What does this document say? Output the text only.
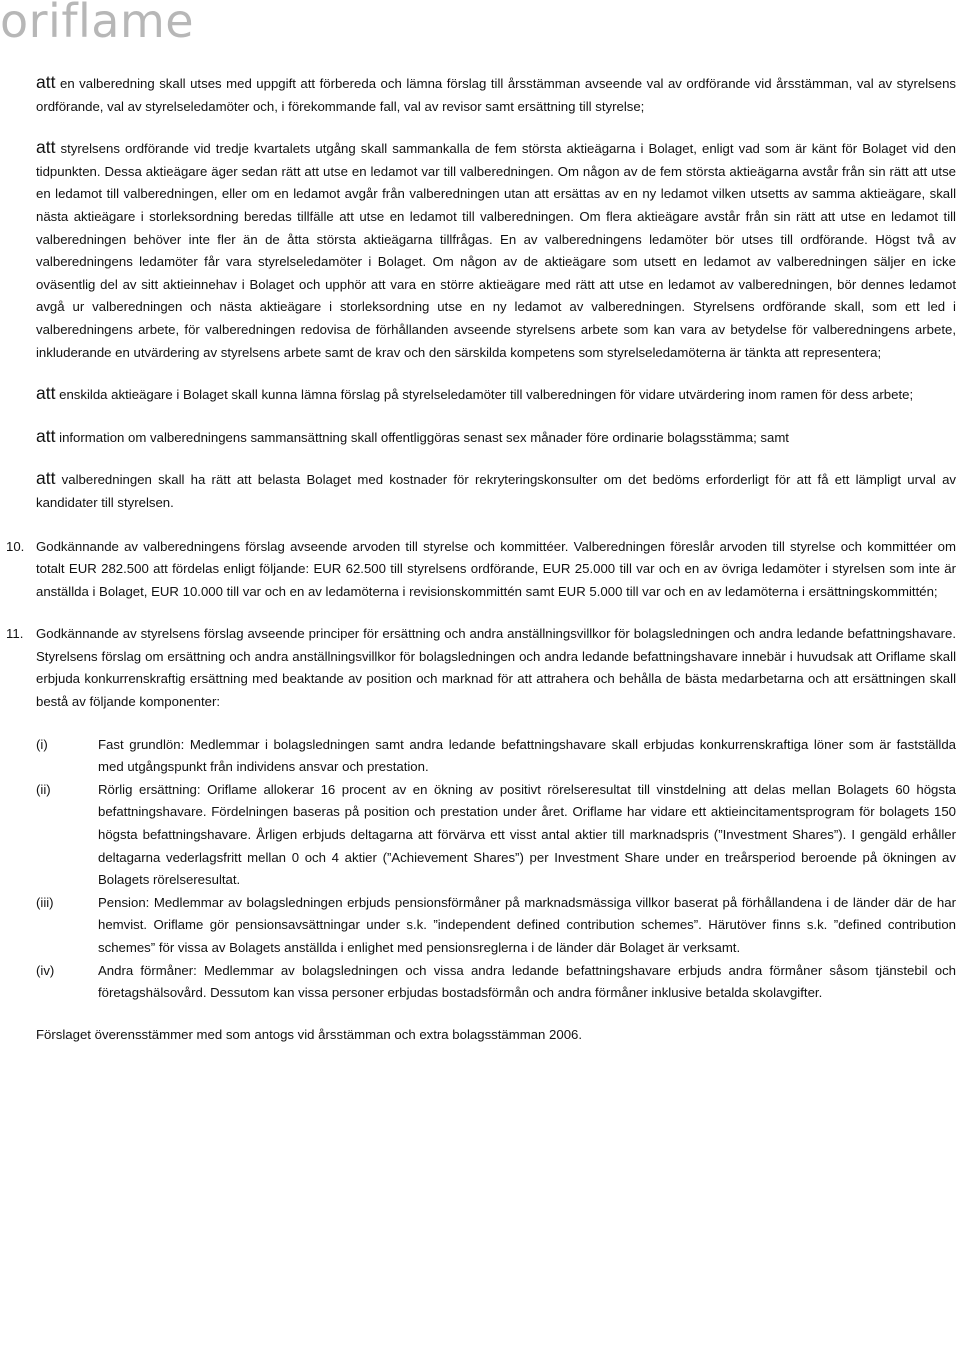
oriflame

att en valberedning skall utses med uppgift att förbereda och lämna förslag till årsstämman avseende val av ordförande vid årsstämman, val av styrelsens ordförande, val av styrelseledamöter och, i förekommande fall, val av revisor samt ersättning till styrelse;

att styrelsens ordförande vid tredje kvartalets utgång skall sammankalla de fem största aktieägarna i Bolaget, enligt vad som är känt för Bolaget vid den tidpunkten. Dessa aktieägare äger sedan rätt att utse en ledamot var till valberedningen. Om någon av de fem största aktieägarna avstår från sin rätt att utse en ledamot till valberedningen, eller om en ledamot avgår från valberedningen utan att ersättas av en ny ledamot vilken utsetts av samma aktieägare, skall nästa aktieägare i storleksordning beredas tillfälle att utse en ledamot till valberedningen. Om flera aktieägare avstår från sin rätt att utse en ledamot till valberedningen behöver inte fler än de åtta största aktieägarna tillfrågas. En av valberedningens ledamöter bör utses till ordförande. Högst två av valberedningens ledamöter får vara styrelseledamöter i Bolaget. Om någon av de aktieägare som utsett en ledamot av valberedningen säljer en icke oväsentlig del av sitt aktieinnehav i Bolaget och upphör att vara en större aktieägare med rätt att utse en ledamot av valberedningen, bör dennes ledamot avgå ur valberedningen och nästa aktieägare i storleksordning utse en ny ledamot av valberedningen. Styrelsens ordförande skall, som ett led i valberedningens arbete, för valberedningen redovisa de förhållanden avseende styrelsens arbete som kan vara av betydelse för valberedningens arbete, inkluderande en utvärdering av styrelsens arbete samt de krav och den särskilda kompetens som styrelseledamöterna är tänkta att representera;

att enskilda aktieägare i Bolaget skall kunna lämna förslag på styrelseledamöter till valberedningen för vidare utvärdering inom ramen för dess arbete;

att information om valberedningens sammansättning skall offentliggöras senast sex månader före ordinarie bolagsstämma; samt

att valberedningen skall ha rätt att belasta Bolaget med kostnader för rekryteringskonsulter om det bedöms erforderligt för att få ett lämpligt urval av kandidater till styrelsen.

10. Godkännande av valberedningens förslag avseende arvoden till styrelse och kommittéer. Valberedningen föreslår arvoden till styrelse och kommittéer om totalt EUR 282.500 att fördelas enligt följande: EUR 62.500 till styrelsens ordförande, EUR 25.000 till var och en av övriga ledamöter i styrelsen som inte är anställda i Bolaget, EUR 10.000 till var och en av ledamöterna i revisionskommittén samt EUR 5.000 till var och en av ledamöterna i ersättningskommittén;
11. Godkännande av styrelsens förslag avseende principer för ersättning och andra anställningsvillkor för bolagsledningen och andra ledande befattningshavare. Styrelsens förslag om ersättning och andra anställningsvillkor för bolagsledningen och andra ledande befattningshavare innebär i huvudsak att Oriflame skall erbjuda konkurrenskraftig ersättning med beaktande av position och marknad för att attrahera och behålla de bästa medarbetarna och att ersättningen skall bestå av följande komponenter:
(i)	Fast grundlön: Medlemmar i bolagsledningen samt andra ledande befattningshavare skall erbjudas konkurrenskraftiga löner som är fastställda med utgångspunkt från individens ansvar och prestation.
(ii)	Rörlig ersättning: Oriflame allokerar 16 procent av en ökning av positivt rörelseresultat till vinstdelning att delas mellan Bolagets 60 högsta befattningshavare. Fördelningen baseras på position och prestation under året. Oriflame har vidare ett aktieincitamentsprogram för bolagets 150 högsta befattningshavare. Årligen erbjuds deltagarna att förvärva ett visst antal aktier till marknadspris (”Investment Shares”). I gengäld erhåller deltagarna vederlagsfritt mellan 0 och 4 aktier (”Achievement Shares”) per Investment Share under en treårsperiod beroende på ökningen av Bolagets rörelseresultat.
(iii)	Pension: Medlemmar av bolagsledningen erbjuds pensionsförmåner på marknadsmässiga villkor baserat på förhållandena i de länder där de har hemvist. Oriflame gör pensionsavsättningar under s.k. ”independent defined contribution schemes”. Härutöver finns s.k. ”defined contribution schemes” för vissa av Bolagets anställda i enlighet med pensionsreglerna i de länder där Bolaget är verksamt.
(iv)	Andra förmåner: Medlemmar av bolagsledningen och vissa andra ledande befattningshavare erbjuds andra förmåner såsom tjänstebil och företagshälsovård. Dessutom kan vissa personer erbjudas bostadsförmån och andra förmåner inklusive betalda skolavgifter.

Förslaget överensstämmer med som antogs vid årsstämman och extra bolagsstämman 2006.
